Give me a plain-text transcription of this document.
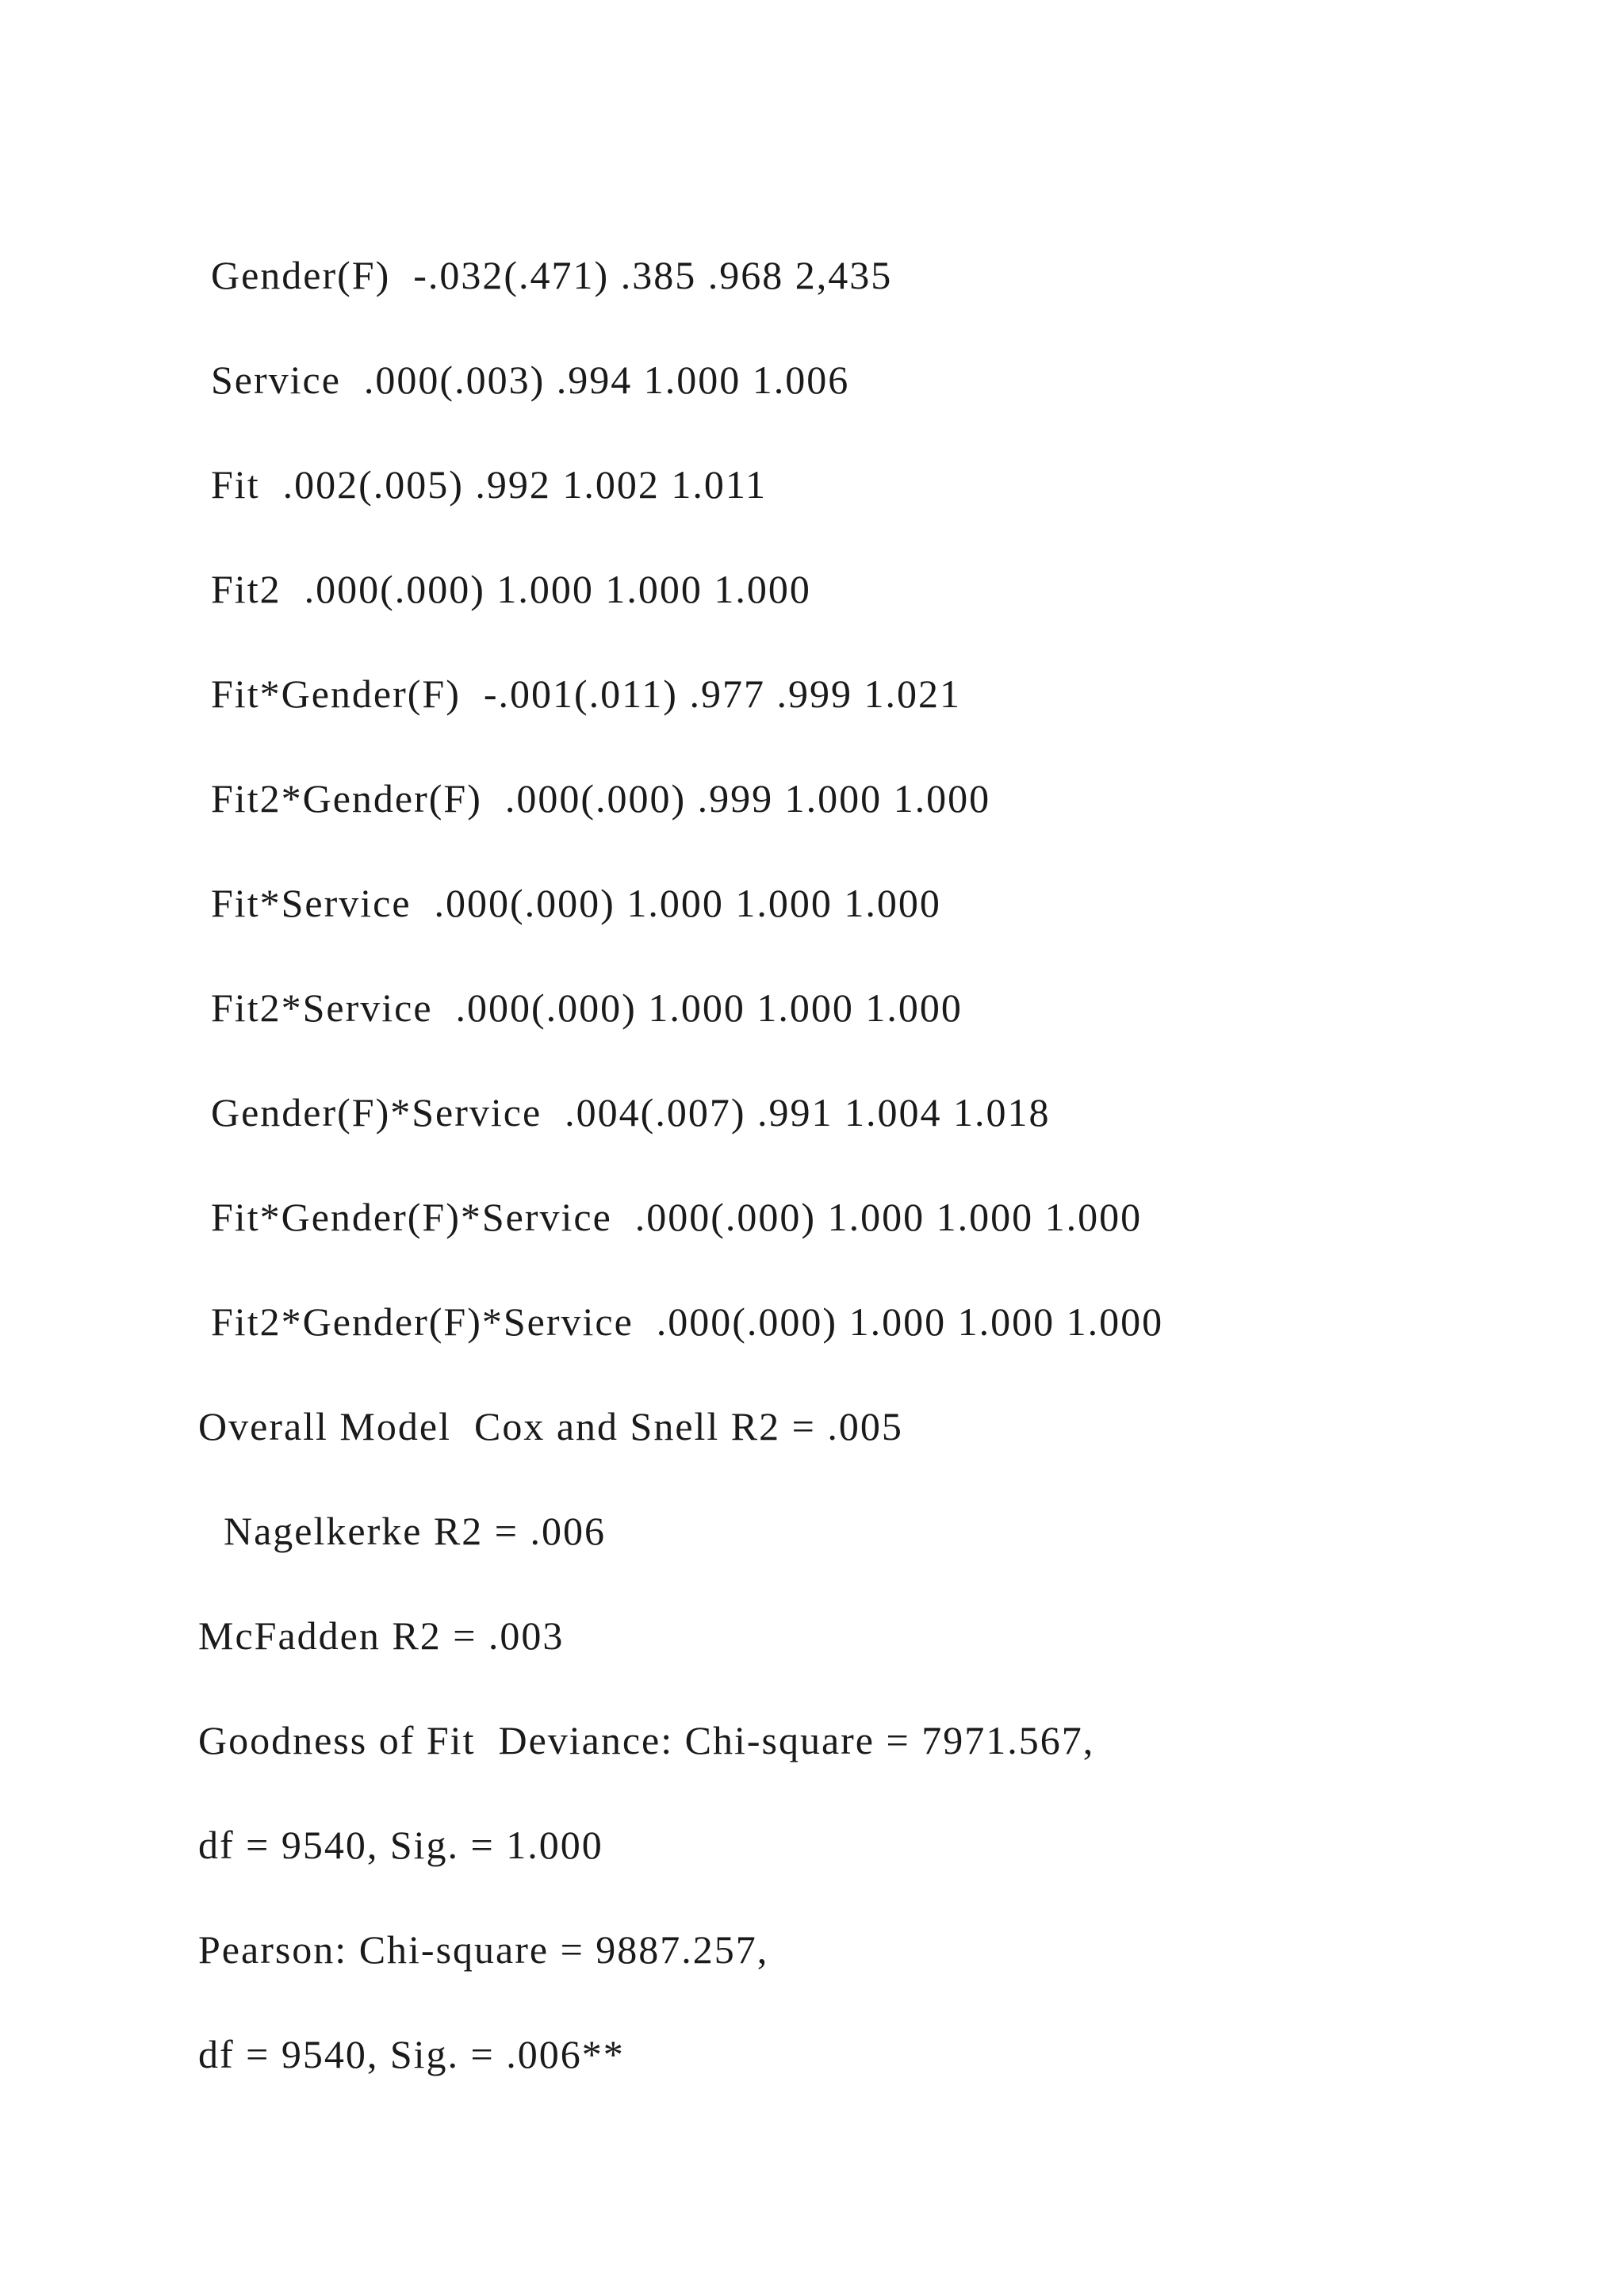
Gender(F)  -.032(.471) .385 .968 2,435
Service  .000(.003) .994 1.000 1.006
Fit  .002(.005) .992 1.002 1.011
Fit2  .000(.000) 1.000 1.000 1.000
Fit*Gender(F)  -.001(.011) .977 .999 1.021
Fit2*Gender(F)  .000(.000) .999 1.000 1.000
Fit*Service  .000(.000) 1.000 1.000 1.000
Fit2*Service  .000(.000) 1.000 1.000 1.000
Gender(F)*Service  .004(.007) .991 1.004 1.018
Fit*Gender(F)*Service  .000(.000) 1.000 1.000 1.000
Fit2*Gender(F)*Service  .000(.000) 1.000 1.000 1.000
Overall Model  Cox and Snell R2 = .005
Nagelkerke R2 = .006
McFadden R2 = .003
Goodness of Fit  Deviance: Chi-square = 7971.567,
df = 9540, Sig. = 1.000
Pearson: Chi-square = 9887.257,
df = 9540, Sig. = .006**
